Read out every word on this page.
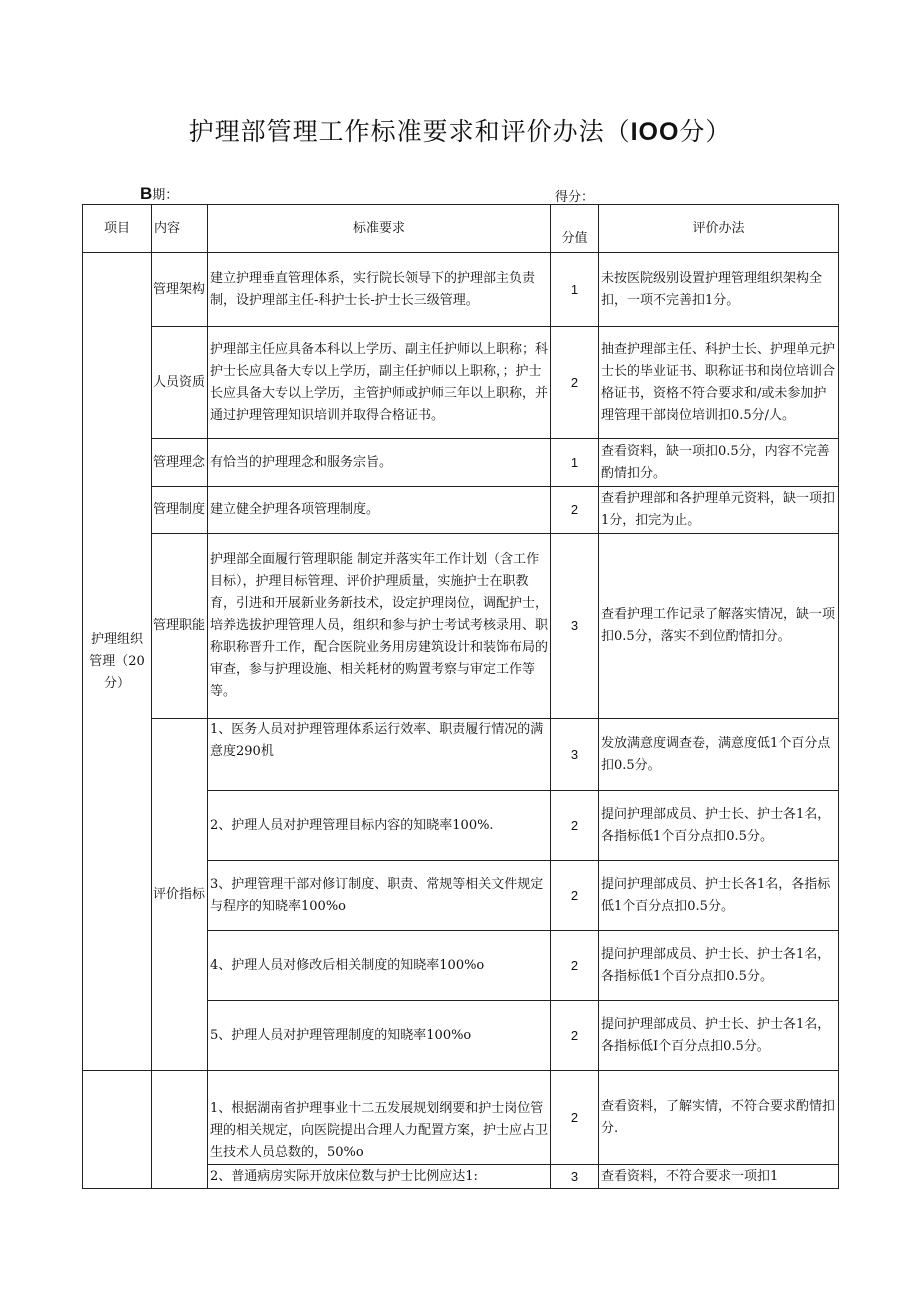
护理部管理工作标准要求和评价办法（IOO分）
B期：	得分：
项目	内容	标准要求	分值	评价办法
护理组织管理（20分）	管理架构	建立护理垂直管理体系，实行院长领导下的护理部主负责制，设护理部主任-科护士长-护士长三级管理。	1	未按医院级别设置护理管理组织架构全扣，一项不完善扣1分。
	人员资质	护理部主任应具备本科以上学历、副主任护师以上职称；科护士长应具备大专以上学历，副主任护师以上职称，；护士长应具备大专以上学历，主管护师或护师三年以上职称，并通过护理管理知识培训并取得合格证书。	2	抽查护理部主任、科护士长、护理单元护士长的毕业证书、职称证书和岗位培训合格证书，资格不符合要求和/或未参加护理管理干部岗位培训扣0.5分/人。
	管理理念	有恰当的护理理念和服务宗旨。	1	查看资料，缺一项扣0.5分，内容不完善酌情扣分。
	管理制度	建立健全护理各项管理制度。	2	查看护理部和各护理单元资料，缺一项扣1分，扣完为止。
	管理职能	护理部全面履行管理职能 制定并落实年工作计划（含工作目标），护理目标管理、评价护理质量，实施护士在职教育，引进和开展新业务新技术，设定护理岗位，调配护士，培养选拔护理管理人员，组织和参与护士考试考核录用、职称职称晋升工作，配合医院业务用房建筑设计和装饰布局的审查，参与护理设施、相关耗材的购置考察与审定工作等等。	3	查看护理工作记录了解落实情况，缺一项扣0.5分，落实不到位酌情扣分。
	评价指标	1、医务人员对护理管理体系运行效率、职责履行情况的满意度290机	3	发放满意度调查卷，满意度低1个百分点扣0.5分。
		2、护理人员对护理管理目标内容的知晓率100%.	2	提问护理部成员、护士长、护士各1名，各指标低1个百分点扣0.5分。
		3、护理管理干部对修订制度、职责、常规等相关文件规定与程序的知晓率100%o	2	提问护理部成员、护士长各1名，各指标低1个百分点扣0.5分。
		4、护理人员对修改后相关制度的知晓率100%o	2	提问护理部成员、护士长、护士各1名，各指标低1个百分点扣0.5分。
		5、护理人员对护理管理制度的知晓率100%o	2	提问护理部成员、护士长、护士各1名，各指标低I个百分点扣0.5分。
		1、根据湖南省护理事业十二五发展规划纲要和护士岗位管理的相关规定，向医院提出合理人力配置方案，护士应占卫生技术人员总数的，50%o	2	查看资料，了解实情，不符合要求酌情扣分.
		2、普通病房实际开放床位数与护士比例应达1:	3	查看资料，不符合要求一项扣1
